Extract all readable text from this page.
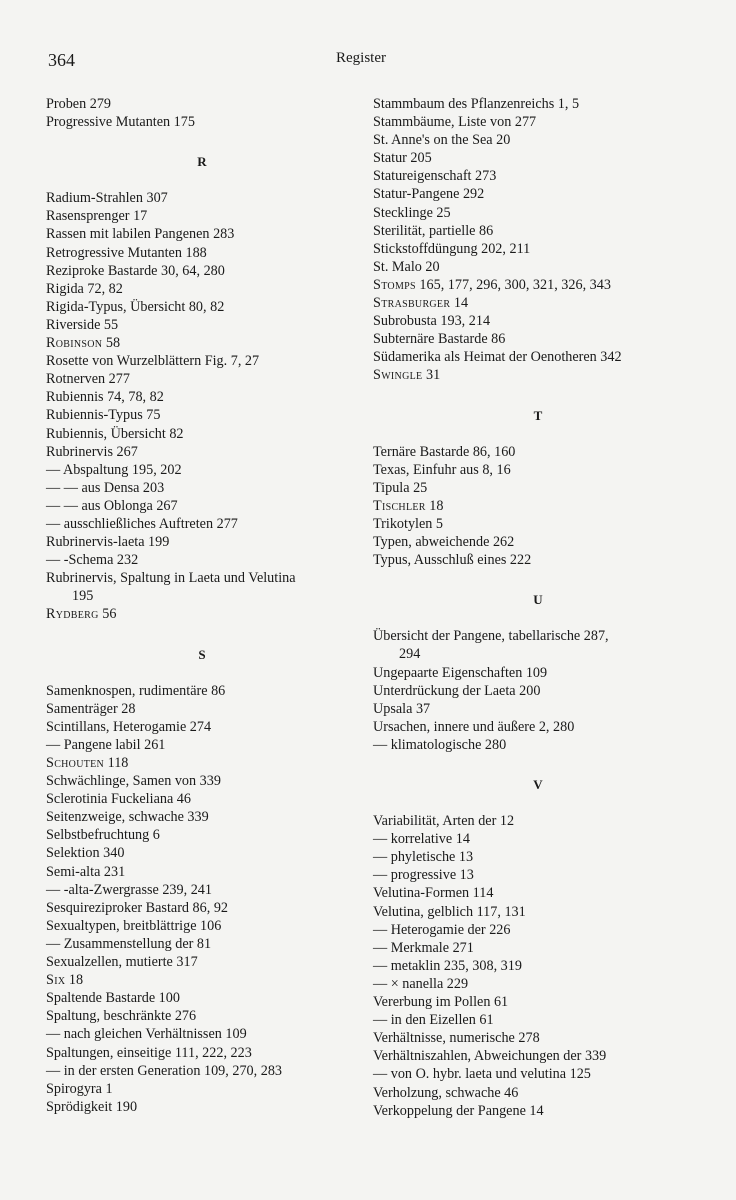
364	Register
Proben 279
Progressive Mutanten 175
R
Radium-Strahlen 307
Rasensprenger 17
Rassen mit labilen Pangenen 283
Retrogressive Mutanten 188
Reziproke Bastarde 30, 64, 280
Rigida 72, 82
Rigida-Typus, Übersicht 80, 82
Riverside 55
Robinson 58
Rosette von Wurzelblättern Fig. 7, 27
Rotnerven 277
Rubiennis 74, 78, 82
Rubiennis-Typus 75
Rubiennis, Übersicht 82
Rubrinervis 267
— Abspaltung 195, 202
— — aus Densa 203
— — aus Oblonga 267
— ausschließliches Auftreten 277
Rubrinervis-laeta 199
— -Schema 232
Rubrinervis, Spaltung in Laeta und Velutina
195
Rydberg 56
S
Samenknospen, rudimentäre 86
Samenträger 28
Scintillans, Heterogamie 274
— Pangene labil 261
Schouten 118
Schwächlinge, Samen von 339
Sclerotinia Fuckeliana 46
Seitenzweige, schwache 339
Selbstbefruchtung 6
Selektion 340
Semi-alta 231
— -alta-Zwergrasse 239, 241
Sesquireziproker Bastard 86, 92
Sexualtypen, breitblättrige 106
— Zusammenstellung der 81
Sexualzellen, mutierte 317
Six 18
Spaltende Bastarde 100
Spaltung, beschränkte 276
— nach gleichen Verhältnissen 109
Spaltungen, einseitige 111, 222, 223
— in der ersten Generation 109, 270, 283
Spirogyra 1
Sprödigkeit 190
Stammbaum des Pflanzenreichs 1, 5
Stammbäume, Liste von 277
St. Anne's on the Sea 20
Statur 205
Statureigenschaft 273
Statur-Pangene 292
Stecklinge 25
Sterilität, partielle 86
Stickstoffdüngung 202, 211
St. Malo 20
Stomps 165, 177, 296, 300, 321, 326, 343
Strasburger 14
Subrobusta 193, 214
Subternäre Bastarde 86
Südamerika als Heimat der Oenotheren 342
Swingle 31
T
Ternäre Bastarde 86, 160
Texas, Einfuhr aus 8, 16
Tipula 25
Tischler 18
Trikotylen 5
Typen, abweichende 262
Typus, Ausschluß eines 222
U
Übersicht der Pangene, tabellarische 287,
294
Ungepaarte Eigenschaften 109
Unterdrückung der Laeta 200
Upsala 37
Ursachen, innere und äußere 2, 280
— klimatologische 280
V
Variabilität, Arten der 12
— korrelative 14
— phyletische 13
— progressive 13
Velutina-Formen 114
Velutina, gelblich 117, 131
— Heterogamie der 226
— Merkmale 271
— metaklin 235, 308, 319
— × nanella 229
Vererbung im Pollen 61
— in den Eizellen 61
Verhältnisse, numerische 278
Verhältniszahlen, Abweichungen der 339
— von O. hybr. laeta und velutina 125
Verholzung, schwache 46
Verkoppelung der Pangene 14
